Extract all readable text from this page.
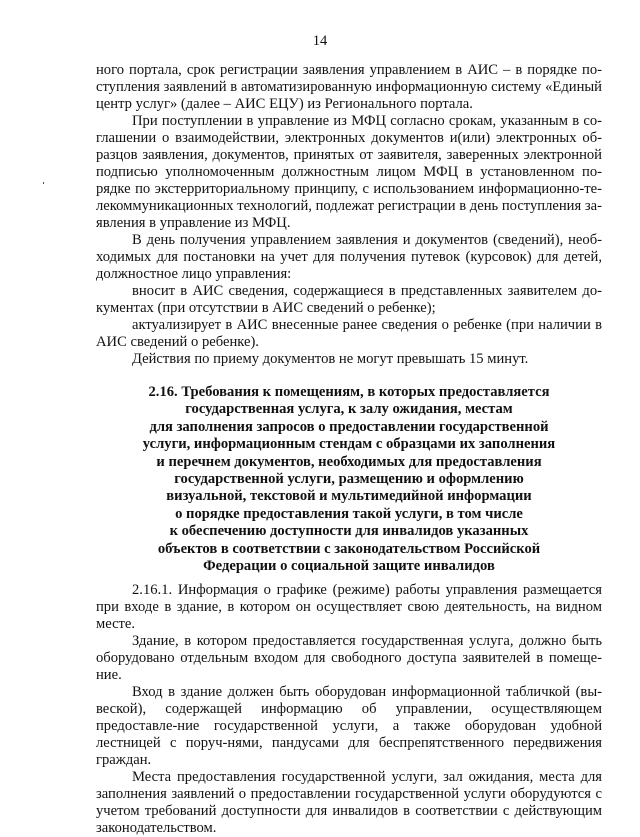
14

ного портала, срок регистрации заявления управлением в АИС – в порядке по-ступления заявлений в автоматизированную информационную систему «Единый центр услуг» (далее – АИС ЕЦУ) из Регионального портала.

При поступлении в управление из МФЦ согласно срокам, указанным в со-глашении о взаимодействии, электронных документов и(или) электронных об-разцов заявления, документов, принятых от заявителя, заверенных электронной подписью уполномоченным должностным лицом МФЦ в установленном по-рядке по экстерриториальному принципу, с использованием информационно-те-лекоммуникационных технологий, подлежат регистрации в день поступления за-явления в управление из МФЦ.

В день получения управлением заявления и документов (сведений), необ-ходимых для постановки на учет для получения путевок (курсовок) для детей, должностное лицо управления:

вносит в АИС сведения, содержащиеся в представленных заявителем до-кументах (при отсутствии в АИС сведений о ребенке);

актуализирует в АИС внесенные ранее сведения о ребенке (при наличии в АИС сведений о ребенке).

Действия по приему документов не могут превышать 15 минут.

2.16. Требования к помещениям, в которых предоставляется
государственная услуга, к залу ожидания, местам
для заполнения запросов о предоставлении государственной
услуги, информационным стендам с образцами их заполнения
и перечнем документов, необходимых для предоставления
государственной услуги, размещению и оформлению
визуальной, текстовой и мультимедийной информации
о порядке предоставления такой услуги, в том числе
к обеспечению доступности для инвалидов указанных
объектов в соответствии с законодательством Российской
Федерации о социальной защите инвалидов

2.16.1. Информация о графике (режиме) работы управления размещается при входе в здание, в котором он осуществляет свою деятельность, на видном месте.

Здание, в котором предоставляется государственная услуга, должно быть оборудовано отдельным входом для свободного доступа заявителей в помеще-ние.

Вход в здание должен быть оборудован информационной табличкой (вы-веской), содержащей информацию об управлении, осуществляющем предоставле-ние государственной услуги, а также оборудован удобной лестницей с поруч-нями, пандусами для беспрепятственного передвижения граждан.

Места предоставления государственной услуги, зал ожидания, места для заполнения заявлений о предоставлении государственной услуги оборудуются с учетом требований доступности для инвалидов в соответствии с действующим законодательством.
